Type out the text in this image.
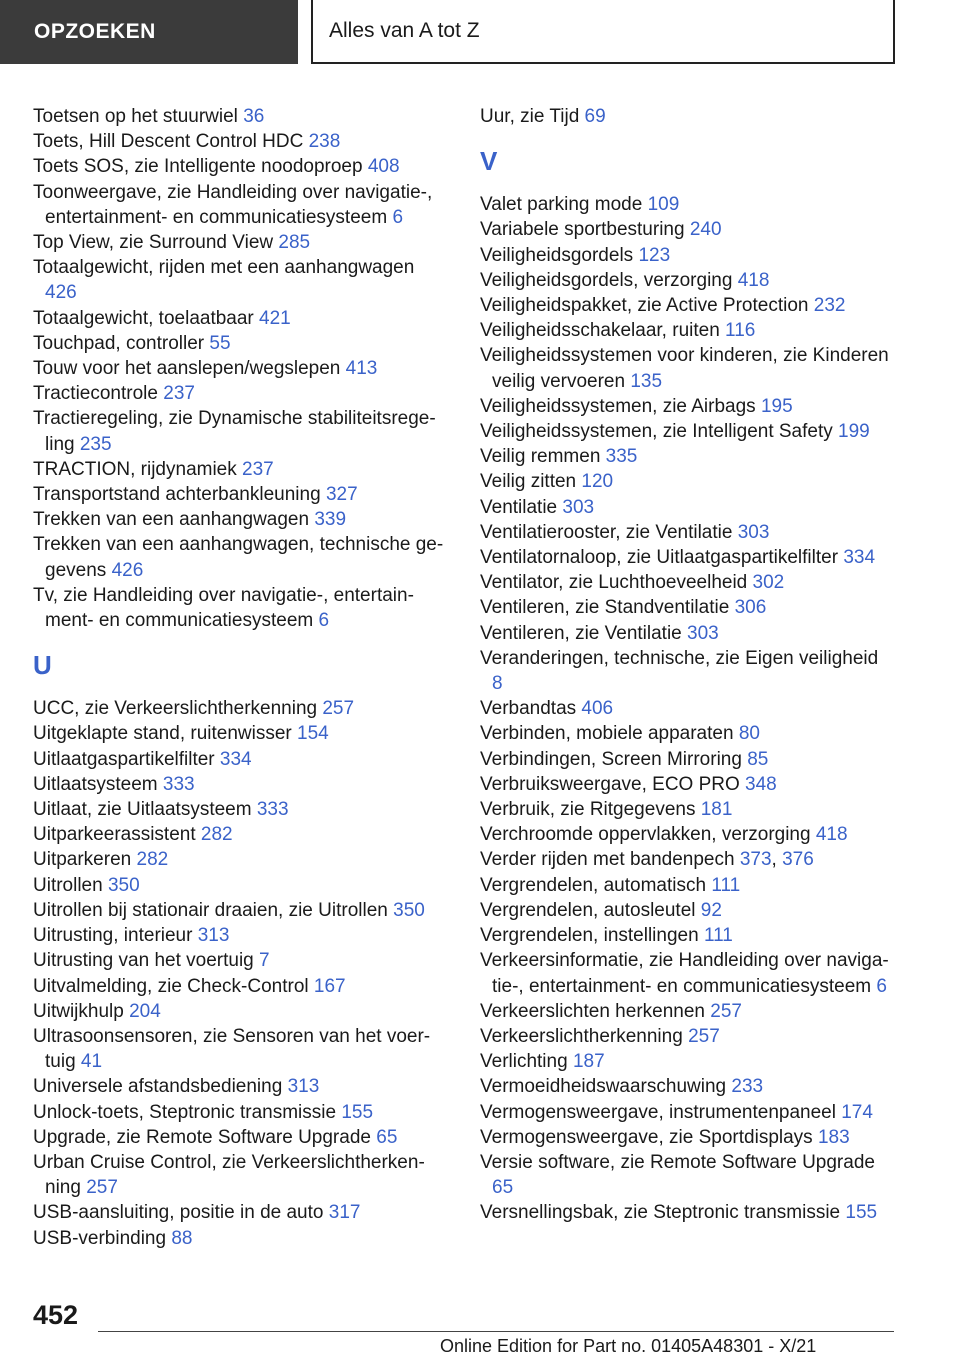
OPZOEKEN	Alles van A tot Z
Toetsen op het stuurwiel 36
Toets, Hill Descent Control HDC 238
Toets SOS, zie Intelligente noodoproep 408
Toonweergave, zie Handleiding over navigatie-, entertainment- en communicatiesysteem 6
Top View, zie Surround View 285
Totaalgewicht, rijden met een aanhangwagen 426
Totaalgewicht, toelaatbaar 421
Touchpad, controller 55
Touw voor het aanslepen/wegslepen 413
Tractiecontrole 237
Tractieregeling, zie Dynamische stabiliteitsregeling 235
TRACTION, rijdynamiek 237
Transportstand achterbankleuning 327
Trekken van een aanhangwagen 339
Trekken van een aanhangwagen, technische gegevens 426
Tv, zie Handleiding over navigatie-, entertainment- en communicatiesysteem 6
U
UCC, zie Verkeerslichtherkenning 257
Uitgeklapte stand, ruitenwisser 154
Uitlaatgaspartikelfilter 334
Uitlaatsysteem 333
Uitlaat, zie Uitlaatsysteem 333
Uitparkeerassistent 282
Uitparkeren 282
Uitrollen 350
Uitrollen bij stationair draaien, zie Uitrollen 350
Uitrusting, interieur 313
Uitrusting van het voertuig 7
Uitvalmelding, zie Check-Control 167
Uitwijkhulp 204
Ultrasoonsensoren, zie Sensoren van het voertuig 41
Universele afstandsbediening 313
Unlock-toets, Steptronic transmissie 155
Upgrade, zie Remote Software Upgrade 65
Urban Cruise Control, zie Verkeerslichtherkenning 257
USB-aansluiting, positie in de auto 317
USB-verbinding 88
Uur, zie Tijd 69
V
Valet parking mode 109
Variabele sportbesturing 240
Veiligheidsgordels 123
Veiligheidsgordels, verzorging 418
Veiligheidspakket, zie Active Protection 232
Veiligheidsschakelaar, ruiten 116
Veiligheidssystemen voor kinderen, zie Kinderen veilig vervoeren 135
Veiligheidssystemen, zie Airbags 195
Veiligheidssystemen, zie Intelligent Safety 199
Veilig remmen 335
Veilig zitten 120
Ventilatie 303
Ventilatierooster, zie Ventilatie 303
Ventilatornaloop, zie Uitlaatgaspartikelfilter 334
Ventilator, zie Luchthoeveelheid 302
Ventileren, zie Standventilatie 306
Ventileren, zie Ventilatie 303
Veranderingen, technische, zie Eigen veiligheid 8
Verbandtas 406
Verbinden, mobiele apparaten 80
Verbindingen, Screen Mirroring 85
Verbruiksweergave, ECO PRO 348
Verbruik, zie Ritgegevens 181
Verchroomde oppervlakken, verzorging 418
Verder rijden met bandenpech 373, 376
Vergrendelen, automatisch 111
Vergrendelen, autosleutel 92
Vergrendelen, instellingen 111
Verkeersinformatie, zie Handleiding over navigatie-, entertainment- en communicatiesysteem 6
Verkeerslichten herkennen 257
Verkeerslichtherkenning 257
Verlichting 187
Vermoeidheidswaarschuwing 233
Vermogensweergave, instrumentenpaneel 174
Vermogensweergave, zie Sportdisplays 183
Versie software, zie Remote Software Upgrade 65
Versnellingsbak, zie Steptronic transmissie 155
452
Online Edition for Part no. 01405A48301 - X/21
